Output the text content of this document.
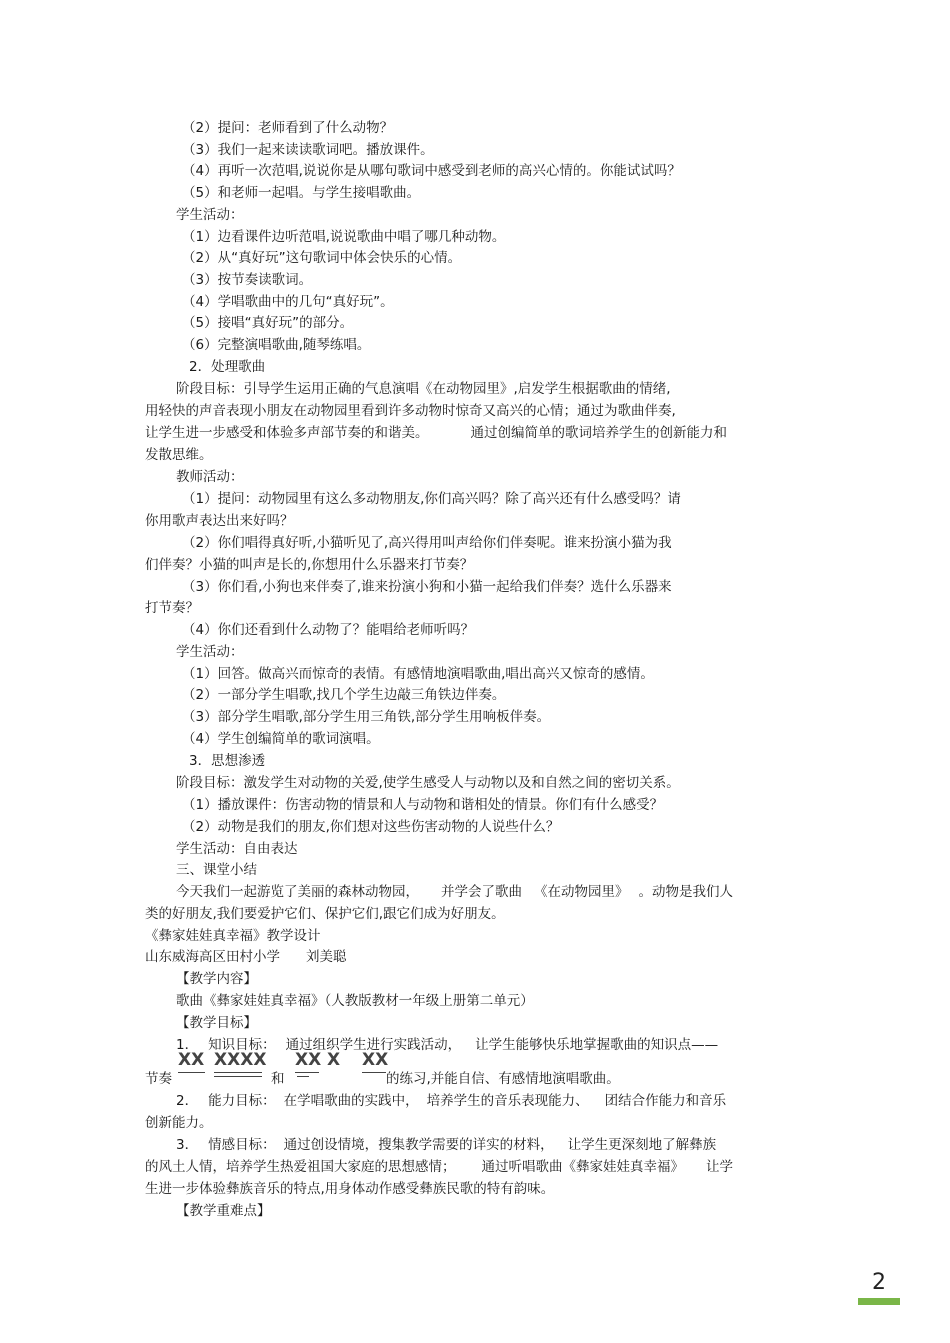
（2）提问：老师看到了什么动物？
（3）我们一起来读读歌词吧。播放课件。
（4）再听一次范唱,说说你是从哪句歌词中感受到老师的高兴心情的。你能试试吗？
（5）和老师一起唱。与学生接唱歌曲。
学生活动：
（1）边看课件边听范唱,说说歌曲中唱了哪几种动物。
（2）从“真好玩”这句歌词中体会快乐的心情。
（3）按节奏读歌词。
（4）学唱歌曲中的几句“真好玩”。
（5）接唱“真好玩”的部分。
（6）完整演唱歌曲,随琴练唱。
2．处理歌曲
阶段目标：引导学生运用正确的气息演唱《在动物园里》,启发学生根据歌曲的情绪,
用轻快的声音表现小朋友在动物园里看到许多动物时惊奇又高兴的心情；通过为歌曲伴奏,
让学生进一步感受和体验多声部节奏的和谐美。	通过创编简单的歌词培养学生的创新能力和
发散思维。
教师活动：
（1）提问：动物园里有这么多动物朋友,你们高兴吗？除了高兴还有什么感受吗？请
你用歌声表达出来好吗？
（2）你们唱得真好听,小猫听见了,高兴得用叫声给你们伴奏呢。谁来扮演小猫为我
们伴奏？小猫的叫声是长的,你想用什么乐器来打节奏？
（3）你们看,小狗也来伴奏了,谁来扮演小狗和小猫一起给我们伴奏？选什么乐器来
打节奏？
（4）你们还看到什么动物了？能唱给老师听吗？
学生活动：
（1）回答。做高兴而惊奇的表情。有感情地演唱歌曲,唱出高兴又惊奇的感情。
（2）一部分学生唱歌,找几个学生边敲三角铁边伴奏。
（3）部分学生唱歌,部分学生用三角铁,部分学生用响板伴奏。
（4）学生创编简单的歌词演唱。
3．思想渗透
阶段目标：激发学生对动物的关爱,使学生感受人与动物以及和自然之间的密切关系。
（1）播放课件：伤害动物的情景和人与动物和谐相处的情景。你们有什么感受？
（2）动物是我们的朋友,你们想对这些伤害动物的人说些什么？
学生活动：自由表达
三、课堂小结
今天我们一起游览了美丽的森林动物园， 并学会了歌曲 《在动物园里》 。动物是我们人
类的好朋友,我们要爱护它们、保护它们,跟它们成为好朋友。
《彝家娃娃真幸福》教学设计
山东威海高区田村小学 刘美聪
【教学内容】
歌曲《彝家娃娃真幸福》（人教版教材一年级上册第二单元）
【教学目标】
1． 知识目标： 通过组织学生进行实践活动， 让学生能够快乐地掌握歌曲的知识点——
XX XXXX XX X XX
节奏	和	的练习,并能自信、有感情地演唱歌曲。
2． 能力目标： 在学唱歌曲的实践中， 培养学生的音乐表现能力、 团结合作能力和音乐
创新能力。
3． 情感目标： 通过创设情境，搜集教学需要的详实的材料， 让学生更深刻地了解彝族
的风土人情，培养学生热爱祖国大家庭的思想感情； 通过听唱歌曲《彝家娃娃真幸福》 让学
生进一步体验彝族音乐的特点,用身体动作感受彝族民歌的特有韵味。
【教学重难点】
2
